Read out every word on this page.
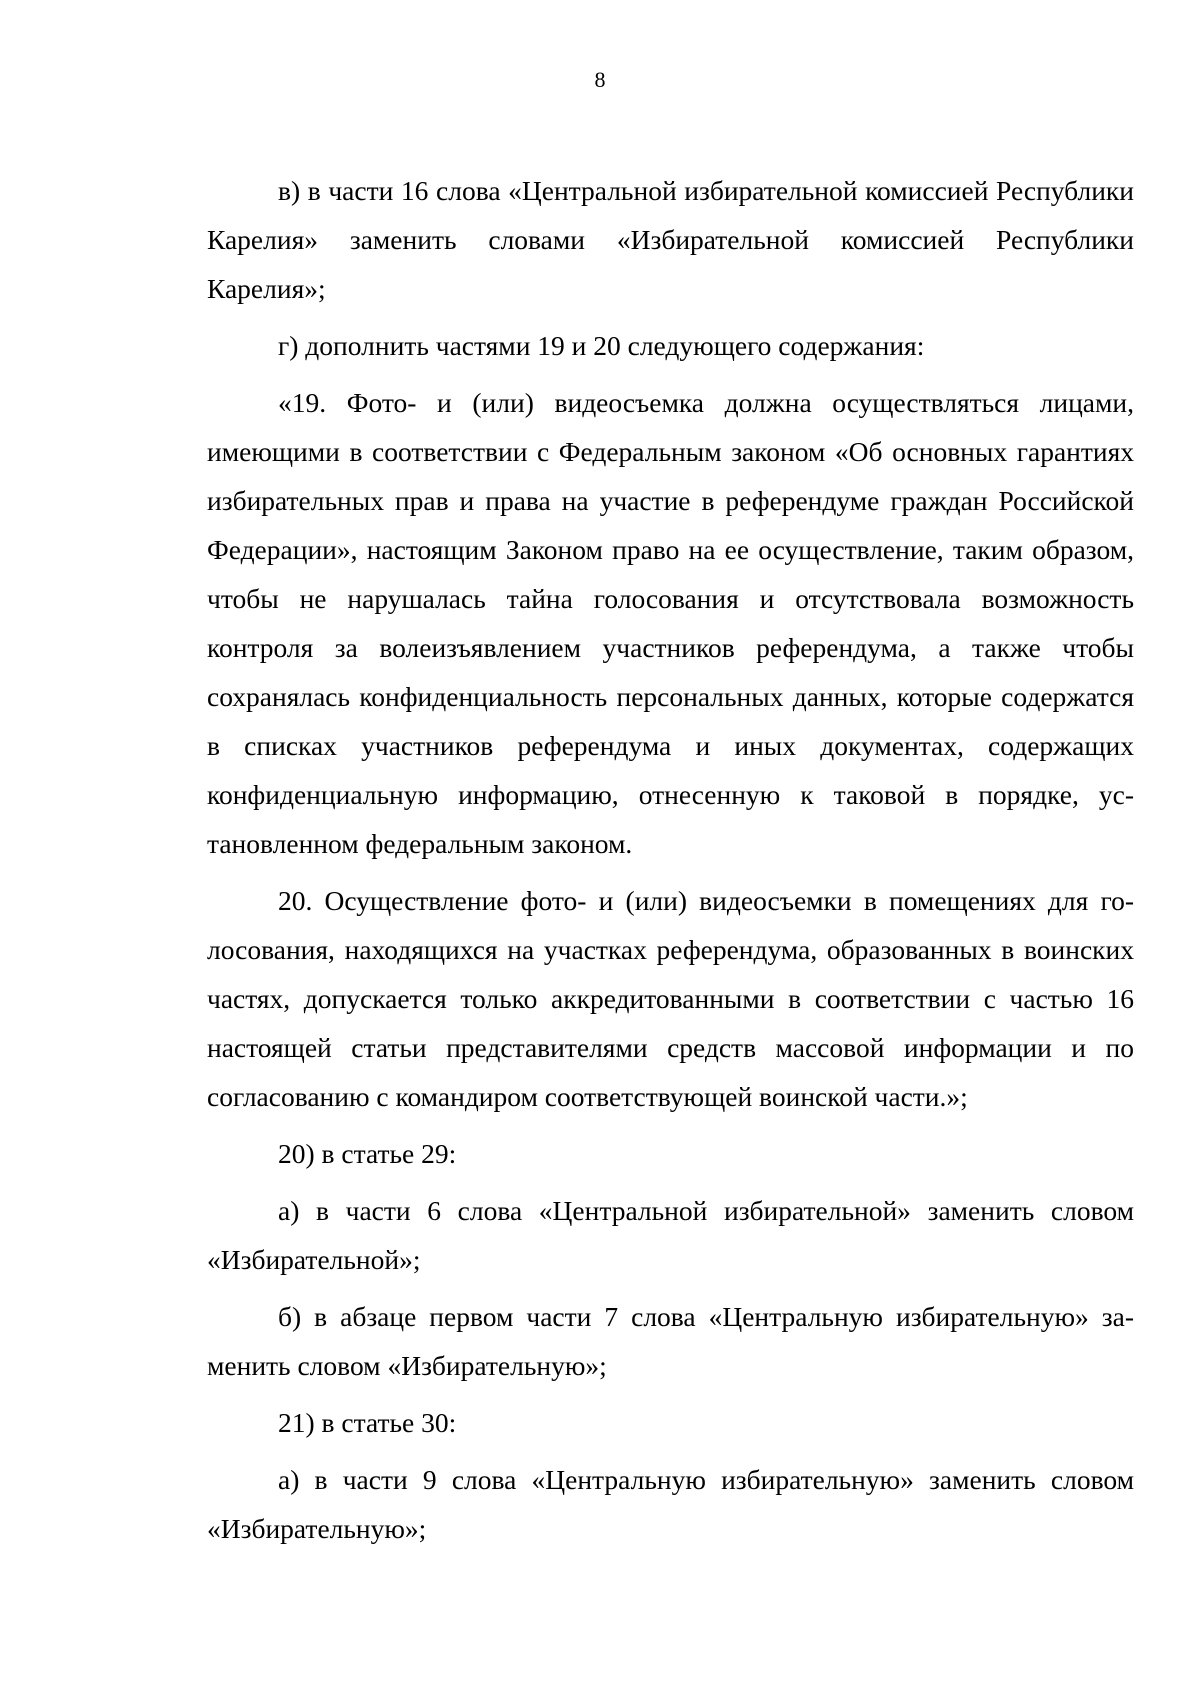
8

в) в части 16 слова «Центральной избирательной комиссией Республики Карелия» заменить словами «Избирательной комиссией Республики Карелия»;

г) дополнить частями 19 и 20 следующего содержания:

«19. Фото- и (или) видеосъемка должна осуществляться лицами, имеющими в соответствии с Федеральным законом «Об основных гарантиях избирательных прав и права на участие в референдуме граждан Российской Федерации», настоящим Законом право на ее осуществление, таким образом, чтобы не нарушалась тайна голосования и отсутствовала возможность контроля за волеизъявлением участников референдума, а также чтобы сохранялась конфиденциальность персональных данных, которые содержатся в списках участников референдума и иных документах, содержащих конфиденциальную информацию, отнесенную к таковой в порядке, установленном федеральным законом.

20. Осуществление фото- и (или) видеосъемки в помещениях для голосования, находящихся на участках референдума, образованных в воинских частях, допускается только аккредитованными в соответствии с частью 16 настоящей статьи представителями средств массовой информации и по согласованию с командиром соответствующей воинской части.»;

20) в статье 29:

а) в части 6 слова «Центральной избирательной» заменить словом «Избирательной»;

б) в абзаце первом части 7 слова «Центральную избирательную» заменить словом «Избирательную»;

21) в статье 30:

а) в части 9 слова «Центральную избирательную» заменить словом «Избирательную»;
